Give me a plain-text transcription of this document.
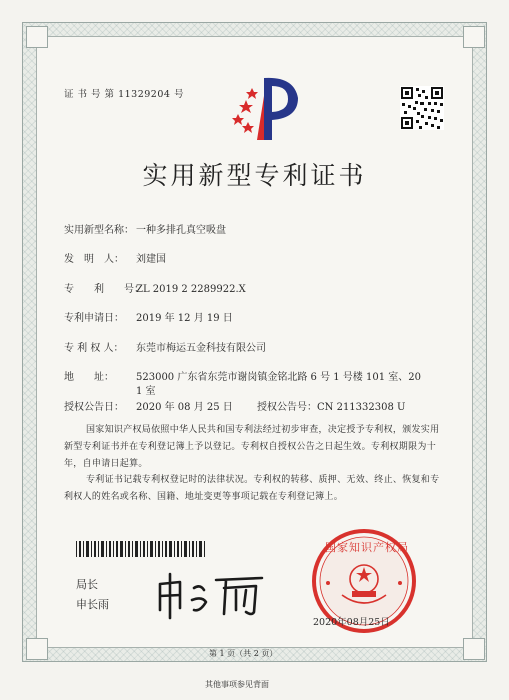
证 书 号 第 11329204 号
实用新型专利证书
实用新型名称： 一种多排孔真空吸盘
发　明　人： 刘建国
专　　利　　号：ZL 2019 2 2289922.X
专利申请日： 2019 年 12 月 19 日
专 利 权 人： 东莞市梅运五金科技有限公司
地　　址： 523000 广东省东莞市谢岗镇金铭北路 6 号 1 号楼 101 室、20
1 室
授权公告日： 2020 年 08 月 25 日 授权公告号：CN 211332308 U
国家知识产权局依照中华人民共和国专利法经过初步审查，决定授予专利权，颁发实用新型专利证书并在专利登记簿上予以登记。专利权自授权公告之日起生效。专利权期限为十年，自申请日起算。
专利证书记载专利权登记时的法律状况。专利权的转移、质押、无效、终止、恢复和专利权人的姓名或名称、国籍、地址变更等事项记载在专利登记簿上。
局长
申长雨
国家知识产权局
2020年08月25日
第 1 页（共 2 页）
其他事项参见背面
